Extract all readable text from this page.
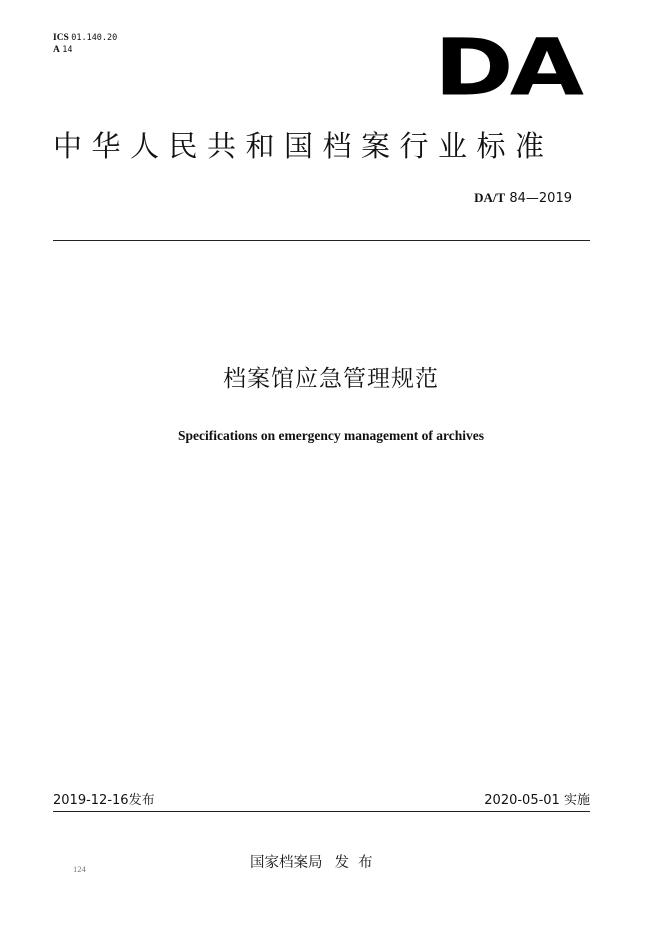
ICS 01.140.20
A 14	DA
中华人民共和国档案行业标准
DA/T 84—2019
档案馆应急管理规范
Specifications on emergency management of archives
2019-12-16发布	2020-05-01 实施
124	国家档案局 发布
